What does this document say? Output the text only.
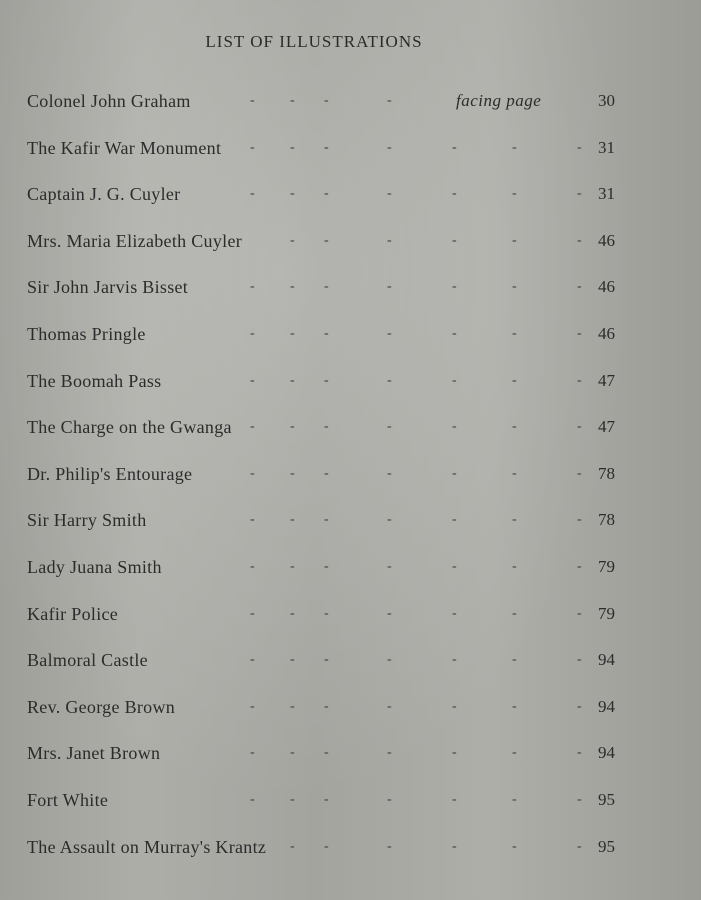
LIST OF ILLUSTRATIONS
Colonel John Graham	-	- -	-	facing page	30
The Kafir War Monument -	- -	-	-	-	- 31
Captain J. G. Cuyler	-	- -	-	-	-	- 31
Mrs. Maria Elizabeth Cuyler	- -	-	-	-	- 46
Sir John Jarvis Bisset	-	- -	-	-	-	- 46
Thomas Pringle	-	- -	-	-	-	- 46
The Boomah Pass	-	- -	-	-	-	- 47
The Charge on the Gwanga -	- -	-	-	-	- 47
Dr. Philip's Entourage	-	- -	-	-	-	- 78
Sir Harry Smith	-	- -	-	-	-	- 78
Lady Juana Smith	-	- -	-	-	-	- 79
Kafir Police	-	- -	-	-	-	- 79
Balmoral Castle	-	- -	-	-	-	- 94
Rev. George Brown	-	- -	-	-	-	- 94
Mrs. Janet Brown	-	- -	-	-	-	- 94
Fort White	-	- -	-	-	-	- 95
The Assault on Murray's Krantz - -	-	-	-	- 95
